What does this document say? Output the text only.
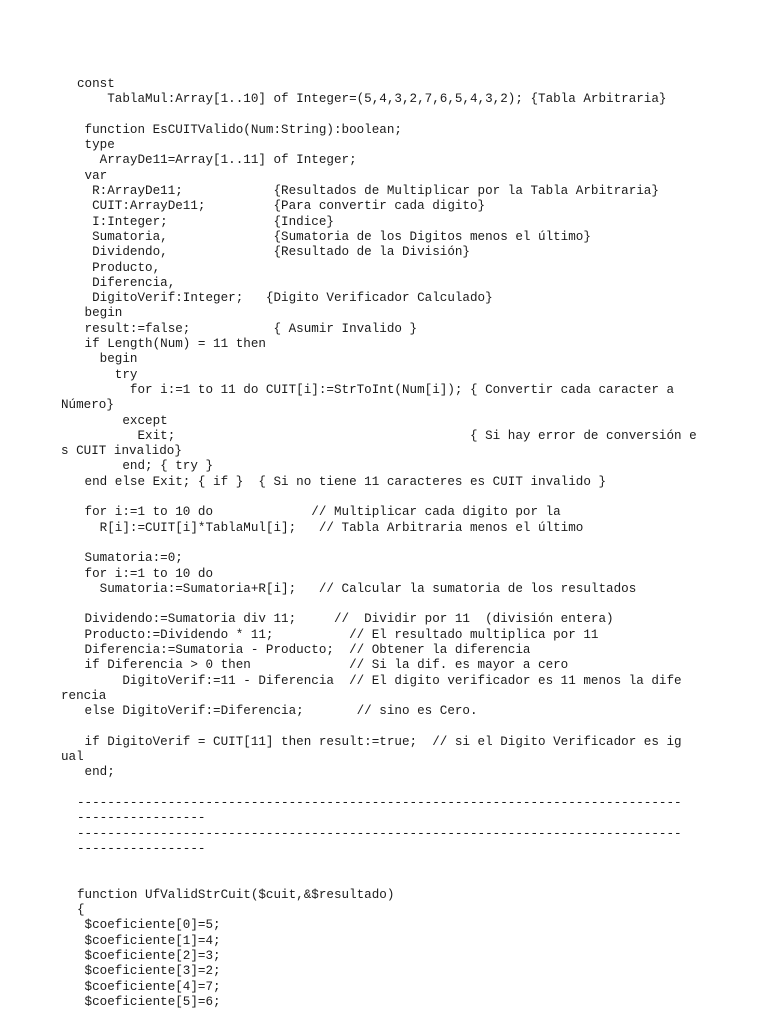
const
TablaMul:Array[1..10] of Integer=(5,4,3,2,7,6,5,4,3,2); {Tabla Arbitraria}
function EsCUITValido(Num:String):boolean;
type
ArrayDe11=Array[1..11] of Integer;
var
R:ArrayDe11;            {Resultados de Multiplicar por la Tabla Arbitraria}
CUIT:ArrayDe11;         {Para convertir cada digito}
I:Integer;              {Indice}
Sumatoria,              {Sumatoria de los Digitos menos el último}
Dividendo,              {Resultado de la División}
Producto,
Diferencia,
DigitoVerif:Integer;   {Digito Verificador Calculado}
begin
result:=false;           { Asumir Invalido }
if Length(Num) = 11 then
begin
try
for i:=1 to 11 do CUIT[i]:=StrToInt(Num[i]); { Convertir cada caracter a
Número}
except
Exit;                                       { Si hay error de conversión e
s CUIT invalido}
end; { try }
end else Exit; { if }  { Si no tiene 11 caracteres es CUIT invalido }
for i:=1 to 10 do             // Multiplicar cada digito por la
R[i]:=CUIT[i]*TablaMul[i];   // Tabla Arbitraria menos el último
Sumatoria:=0;
for i:=1 to 10 do
Sumatoria:=Sumatoria+R[i];   // Calcular la sumatoria de los resultados
Dividendo:=Sumatoria div 11;     //  Dividir por 11  (división entera)
Producto:=Dividendo * 11;          // El resultado multiplica por 11
Diferencia:=Sumatoria - Producto;  // Obtener la diferencia
if Diferencia > 0 then             // Si la dif. es mayor a cero
DigitoVerif:=11 - Diferencia  // El digito verificador es 11 menos la dife
rencia
else DigitoVerif:=Diferencia;       // sino es Cero.
if DigitoVerif = CUIT[11] then result:=true;  // si el Digito Verificador es ig
ual
end;
--------------------------------------------------------------------------------
-----------------
--------------------------------------------------------------------------------
-----------------
function UfValidStrCuit($cuit,&$resultado)
{
$coeficiente[0]=5;
$coeficiente[1]=4;
$coeficiente[2]=3;
$coeficiente[3]=2;
$coeficiente[4]=7;
$coeficiente[5]=6;
